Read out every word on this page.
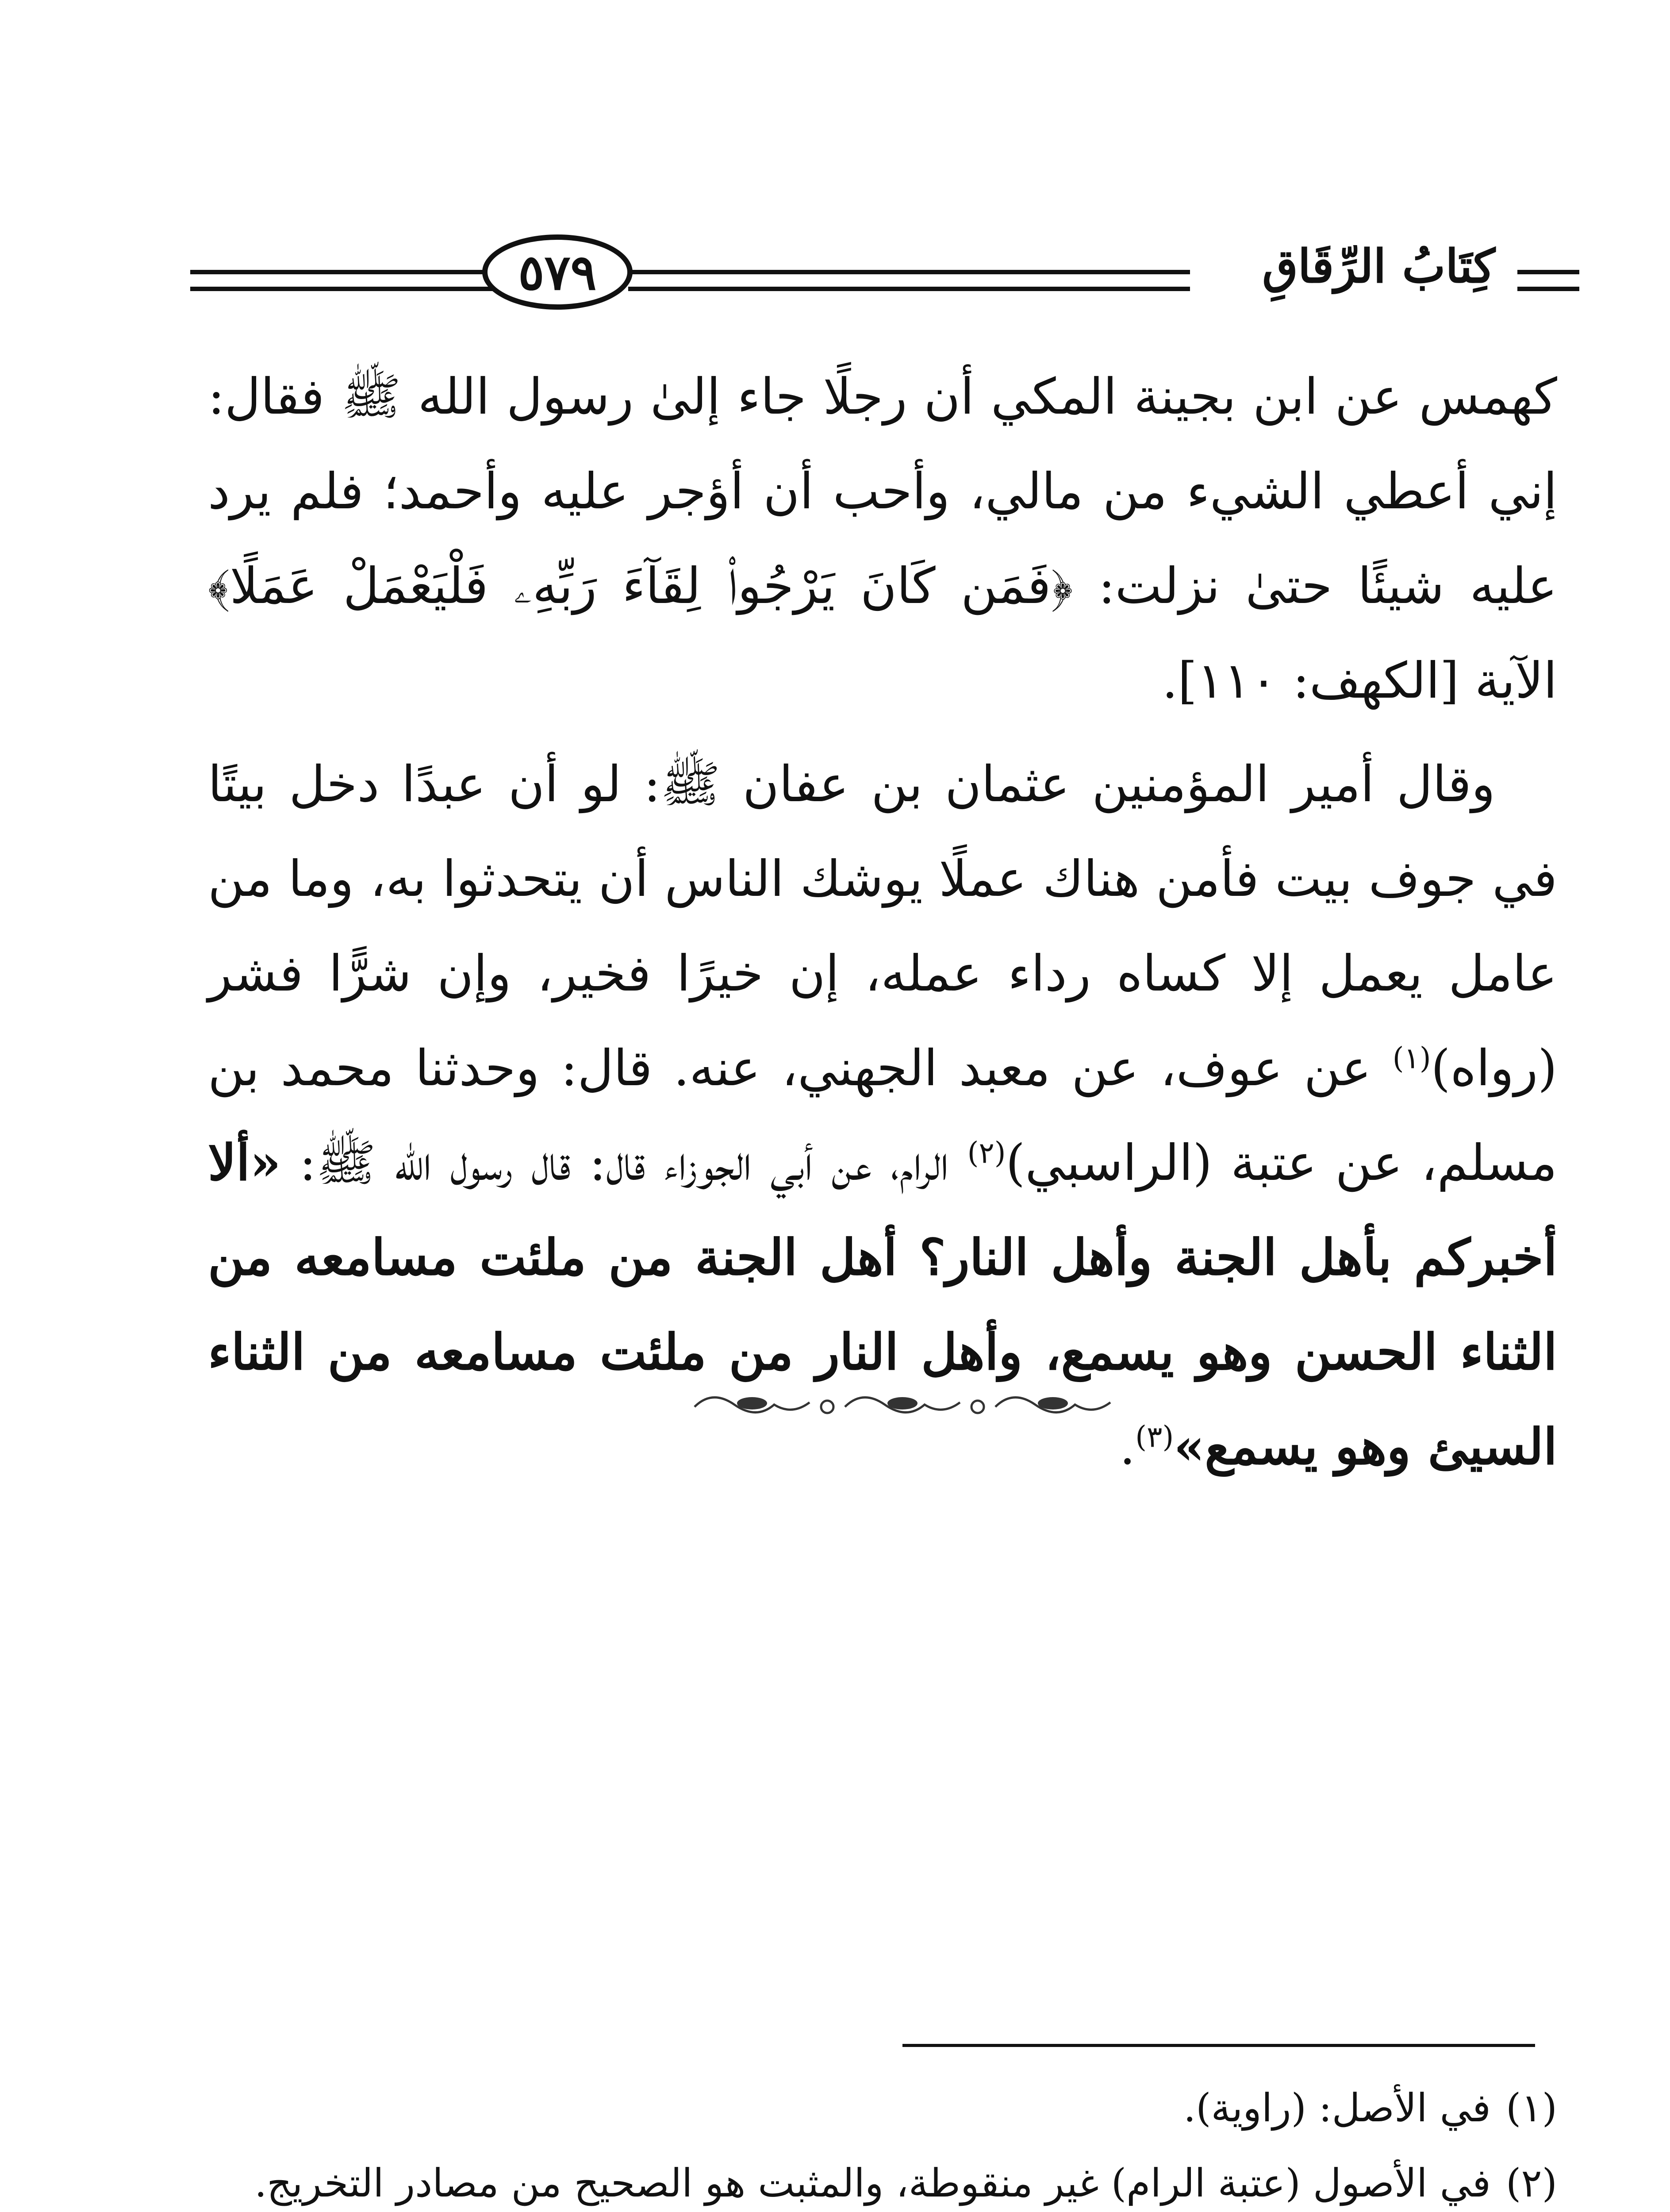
٥٧٩	كِتَابُ الرِّقَاقِ

كهمس عن ابن بجينة المكي أن رجلًا جاء إلىٰ رسول الله ﷺ فقال: إني أعطي الشيء من مالي، وأحب أن أؤجر عليه وأحمد؛ فلم يرد عليه شيئًا حتىٰ نزلت: ﴿فَمَن كَانَ يَرْجُوا۟ لِقَآءَ رَبِّهِۦ فَلْيَعْمَلْ عَمَلًا﴾ الآية [الكهف: ١١٠].

وقال أمير المؤمنين عثمان بن عفان ﷺ: لو أن عبدًا دخل بيتًا في جوف بيت فأمن هناك عملًا يوشك الناس أن يتحدثوا به، وما من عامل يعمل إلا كساه رداء عمله، إن خيرًا فخير، وإن شرًّا فشر (رواه)$^{(١)}$ عن عوف، عن معبد الجهني، عنه. قال: وحدثنا محمد بن مسلم، عن عتبة (الراسبي)$^{(٢)}$ الرام، عن أبي الجوزاء قال: قال رسول الله ﷺ: «ألا أخبركم بأهل الجنة وأهل النار؟ أهل الجنة من ملئت مسامعه من الثناء الحسن وهو يسمع، وأهل النار من ملئت مسامعه من الثناء السيئ وهو يسمع»$^{(٣)}$.

(١)
في الأصل: (راوية).
(٢)
في الأصول (عتبة الرام) غير منقوطة، والمثبت هو الصحيح من مصادر التخريج.
